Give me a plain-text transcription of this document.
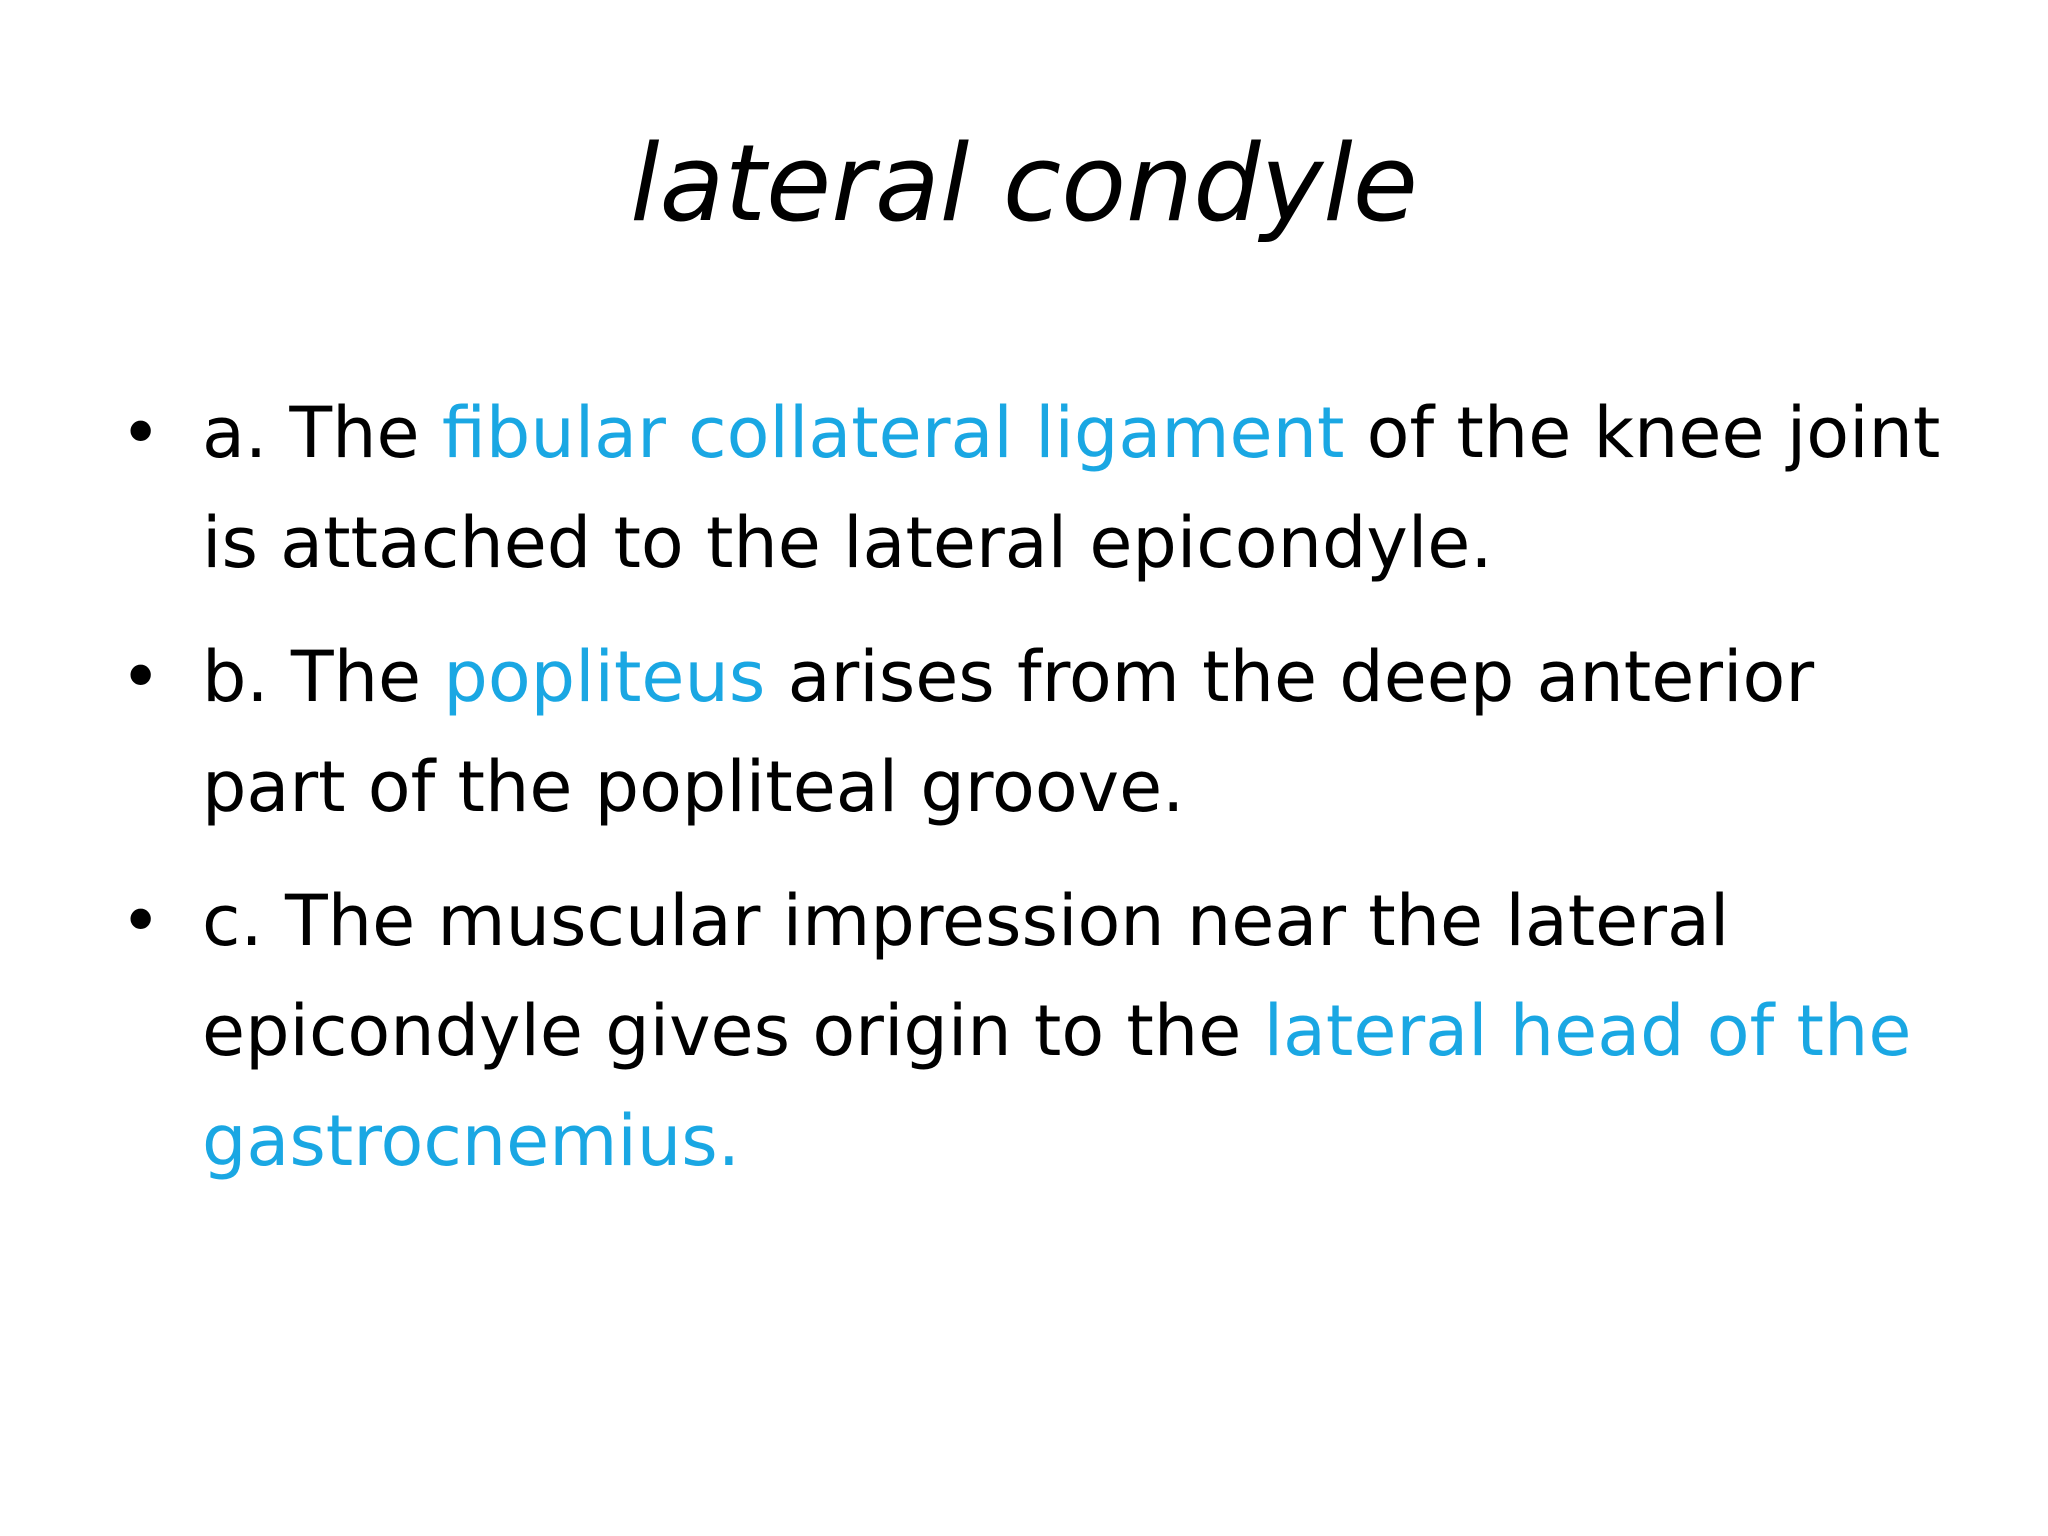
lateral condyle
• a. The fibular collateral ligament of the knee joint is attached to the lateral epicondyle.
• b. The popliteus arises from the deep anterior part of the popliteal groove.
• c. The muscular impression near the lateral epicondyle gives origin to the lateral head of the gastrocnemius.
